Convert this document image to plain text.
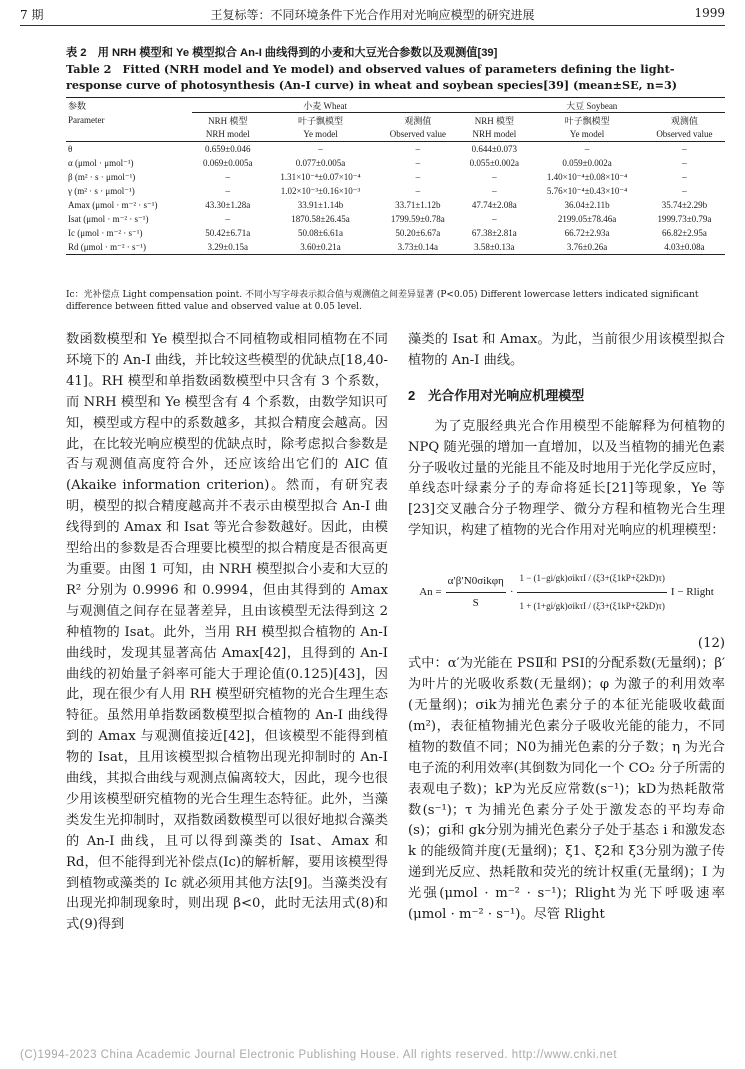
7 期	王复标等：不同环境条件下光合作用对光响应模型的研究进展	1999
表 2　用 NRH 模型和 Ye 模型拟合 An-I 曲线得到的小麦和大豆光合参数以及观测值[39]
Table 2　Fitted (NRH model and Ye model) and observed values of parameters defining the light-response curve of photosynthesis (An-I curve) in wheat and soybean species[39] (mean±SE, n=3)
参数	小麦 Wheat			大豆 Soybean		
Parameter	NRH 模型	叶子飘模型	观测值	NRH 模型	叶子飘模型	观测值
	NRH model	Ye model	Observed value	NRH model	Ye model	Observed value
θ	0.659±0.046	–	–	0.644±0.073	–	–
α (μmol · μmol⁻¹)	0.069±0.005a	0.077±0.005a	–	0.055±0.002a	0.059±0.002a	–
β (m² · s · μmol⁻¹)	–	1.31×10⁻⁴±0.07×10⁻⁴	–	–	1.40×10⁻⁴±0.08×10⁻⁴	–
γ (m² · s · μmol⁻¹)	–	1.02×10⁻³±0.16×10⁻³	–	–	5.76×10⁻⁴±0.43×10⁻⁴	–
Amax (μmol · m⁻² · s⁻¹)	43.30±1.28a	33.91±1.14b	33.71±1.12b	47.74±2.08a	36.04±2.11b	35.74±2.29b
Isat (μmol · m⁻² · s⁻¹)	–	1870.58±26.45a	1799.59±0.78a	–	2199.05±78.46a	1999.73±0.79a
Ic (μmol · m⁻² · s⁻¹)	50.42±6.71a	50.08±6.61a	50.20±6.67a	67.38±2.81a	66.72±2.93a	66.82±2.95a
Rd (μmol · m⁻² · s⁻¹)	3.29±0.15a	3.60±0.21a	3.73±0.14a	3.58±0.13a	3.76±0.26a	4.03±0.08a
Ic：光补偿点 Light compensation point. 不同小写字母表示拟合值与观测值之间差异显著 (P<0.05) Different lowercase letters indicated significant difference between fitted value and observed value at 0.05 level.

数函数模型和 Ye 模型拟合不同植物或相同植物在不同环境下的 An-I 曲线，并比较这些模型的优缺点[18,40-41]。RH 模型和单指数函数模型中只含有 3 个系数，而 NRH 模型和 Ye 模型含有 4 个系数，由数学知识可知，模型或方程中的系数越多，其拟合精度会越高。因此，在比较光响应模型的优缺点时，除考虑拟合参数是否与观测值高度符合外，还应该给出它们的 AIC 值(Akaike information criterion)。然而，有研究表明，模型的拟合精度越高并不表示由模型拟合 An-I 曲线得到的 Amax 和 Isat 等光合参数越好。因此，由模型给出的参数是否合理要比模型的拟合精度是否很高更为重要。由图 1 可知，由 NRH 模型拟合小麦和大豆的 R² 分别为 0.9996 和 0.9994，但由其得到的 Amax 与观测值之间存在显著差异，且由该模型无法得到这 2 种植物的 Isat。此外，当用 RH 模型拟合植物的 An-I 曲线时，发现其显著高估 Amax[42]，且得到的 An-I 曲线的初始量子斜率可能大于理论值(0.125)[43]，因此，现在很少有人用 RH 模型研究植物的光合生理生态特征。虽然用单指数函数模型拟合植物的 An-I 曲线得到的 Amax 与观测值接近[42]，但该模型不能得到植物的 Isat，且用该模型拟合植物出现光抑制时的 An-I 曲线，其拟合曲线与观测点偏离较大，因此，现今也很少用该模型研究植物的光合生理生态特征。此外，当藻类发生光抑制时，双指数函数模型可以很好地拟合藻类的 An-I 曲线，且可以得到藻类的 Isat、Amax 和 Rd，但不能得到光补偿点(Ic)的解析解，要用该模型得到植物或藻类的 Ic 就必须用其他方法[9]。当藻类没有出现光抑制现象时，则出现 β<0，此时无法用式(8)和式(9)得到

藻类的 Isat 和 Amax。为此，当前很少用该模型拟合植物的 An-I 曲线。

2　光合作用对光响应机理模型

为了克服经典光合作用模型不能解释为何植物的 NPQ 随光强的增加一直增加，以及当植物的捕光色素分子吸收过量的光能且不能及时地用于光化学反应时，单线态叶绿素分子的寿命将延长[21]等现象，Ye 等[23]交叉融合分子物理学、微分方程和植物光合生理学知识，构建了植物的光合作用对光响应的机理模型：

An =
α′β′N0σikφη
S
·
1 − (1−gi/gk)σikτI / (ξ3+(ξ1kP+ξ2kD)τ)
1 + (1+gi/gk)σikτI / (ξ3+(ξ1kP+ξ2kD)τ)
I − Rlight
(12)

式中：α′为光能在 PSⅡ和 PSⅠ的分配系数(无量纲)；β′为叶片的光吸收系数(无量纲)；φ 为激子的利用效率(无量纲)；σik为捕光色素分子的本征光能吸收截面(m²)，表征植物捕光色素分子吸收光能的能力，不同植物的数值不同；N0为捕光色素的分子数；η 为光合电子流的利用效率(其倒数为同化一个 CO₂ 分子所需的表观电子数)；kP为光反应常数(s⁻¹)；kD为热耗散常数(s⁻¹)；τ 为捕光色素分子处于激发态的平均寿命(s)；gi和 gk分别为捕光色素分子处于基态 i 和激发态 k 的能级简并度(无量纲)；ξ1、ξ2和 ξ3分别为激子传递到光反应、热耗散和荧光的统计权重(无量纲)；I 为光强(μmol · m⁻² · s⁻¹)；Rlight为光下呼吸速率(μmol · m⁻² · s⁻¹)。尽管 Rlight

(C)1994-2023 China Academic Journal Electronic Publishing House. All rights reserved. http://www.cnki.net
